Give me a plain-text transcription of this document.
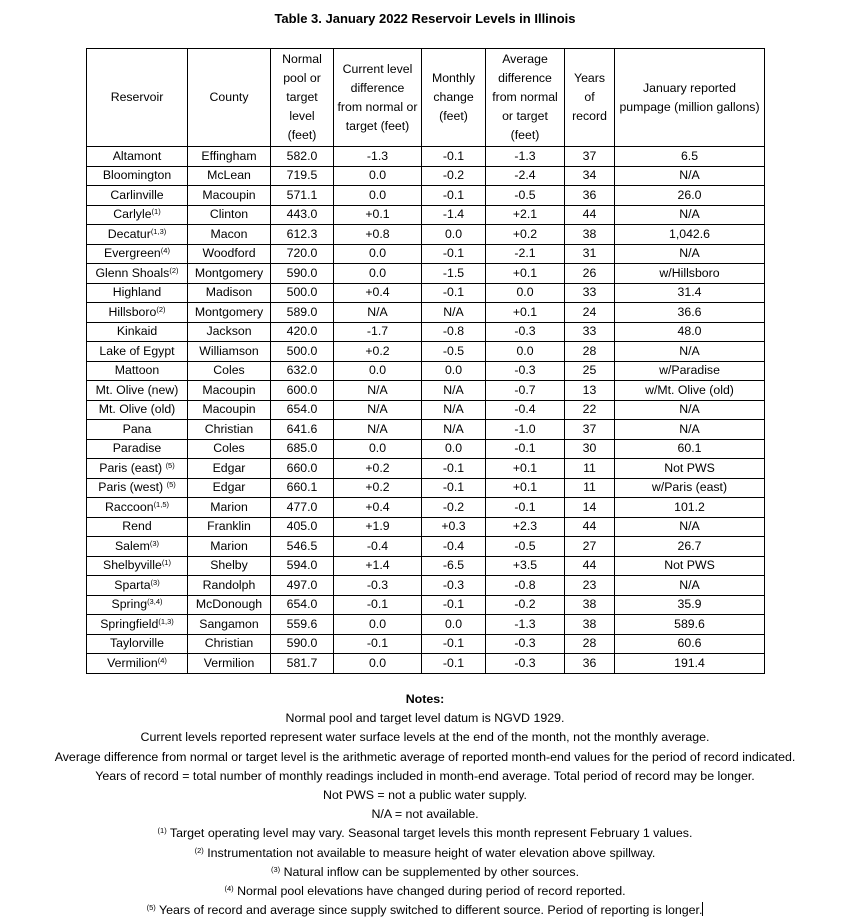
Table 3. January 2022 Reservoir Levels in Illinois
Reservoir	County	Normal pool or target level (feet)	Current level difference from normal or target (feet)	Monthly change (feet)	Average difference from normal or target (feet)	Years of record	January reported pumpage (million gallons)
Altamont	Effingham	582.0	-1.3	-0.1	-1.3	37	6.5
Bloomington	McLean	719.5	0.0	-0.2	-2.4	34	N/A
Carlinville	Macoupin	571.1	0.0	-0.1	-0.5	36	26.0
Carlyle$^{(1)}$	Clinton	443.0	+0.1	-1.4	+2.1	44	N/A
Decatur$^{(1,3)}$	Macon	612.3	+0.8	0.0	+0.2	38	1,042.6
Evergreen$^{(4)}$	Woodford	720.0	0.0	-0.1	-2.1	31	N/A
Glenn Shoals$^{(2)}$	Montgomery	590.0	0.0	-1.5	+0.1	26	w/Hillsboro
Highland	Madison	500.0	+0.4	-0.1	0.0	33	31.4
Hillsboro$^{(2)}$	Montgomery	589.0	N/A	N/A	+0.1	24	36.6
Kinkaid	Jackson	420.0	-1.7	-0.8	-0.3	33	48.0
Lake of Egypt	Williamson	500.0	+0.2	-0.5	0.0	28	N/A
Mattoon	Coles	632.0	0.0	0.0	-0.3	25	w/Paradise
Mt. Olive (new)	Macoupin	600.0	N/A	N/A	-0.7	13	w/Mt. Olive (old)
Mt. Olive (old)	Macoupin	654.0	N/A	N/A	-0.4	22	N/A
Pana	Christian	641.6	N/A	N/A	-1.0	37	N/A
Paradise	Coles	685.0	0.0	0.0	-0.1	30	60.1
Paris (east) $^{(5)}$	Edgar	660.0	+0.2	-0.1	+0.1	11	Not PWS
Paris (west) $^{(5)}$	Edgar	660.1	+0.2	-0.1	+0.1	11	w/Paris (east)
Raccoon$^{(1,5)}$	Marion	477.0	+0.4	-0.2	-0.1	14	101.2
Rend	Franklin	405.0	+1.9	+0.3	+2.3	44	N/A
Salem$^{(3)}$	Marion	546.5	-0.4	-0.4	-0.5	27	26.7
Shelbyville$^{(1)}$	Shelby	594.0	+1.4	-6.5	+3.5	44	Not PWS
Sparta$^{(3)}$	Randolph	497.0	-0.3	-0.3	-0.8	23	N/A
Spring$^{(3,4)}$	McDonough	654.0	-0.1	-0.1	-0.2	38	35.9
Springfield$^{(1,3)}$	Sangamon	559.6	0.0	0.0	-1.3	38	589.6
Taylorville	Christian	590.0	-0.1	-0.1	-0.3	28	60.6
Vermilion$^{(4)}$	Vermilion	581.7	0.0	-0.1	-0.3	36	191.4
Notes:
Normal pool and target level datum is NGVD 1929.
Current levels reported represent water surface levels at the end of the month, not the monthly average.
Average difference from normal or target level is the arithmetic average of reported month-end values for the period of record indicated.
Years of record = total number of monthly readings included in month-end average. Total period of record may be longer.
Not PWS = not a public water supply.
N/A = not available.
$^{(1)}$ Target operating level may vary. Seasonal target levels this month represent February 1 values.
$^{(2)}$ Instrumentation not available to measure height of water elevation above spillway.
$^{(3)}$ Natural inflow can be supplemented by other sources.
$^{(4)}$ Normal pool elevations have changed during period of record reported.
$^{(5)}$ Years of record and average since supply switched to different source. Period of reporting is longer.
